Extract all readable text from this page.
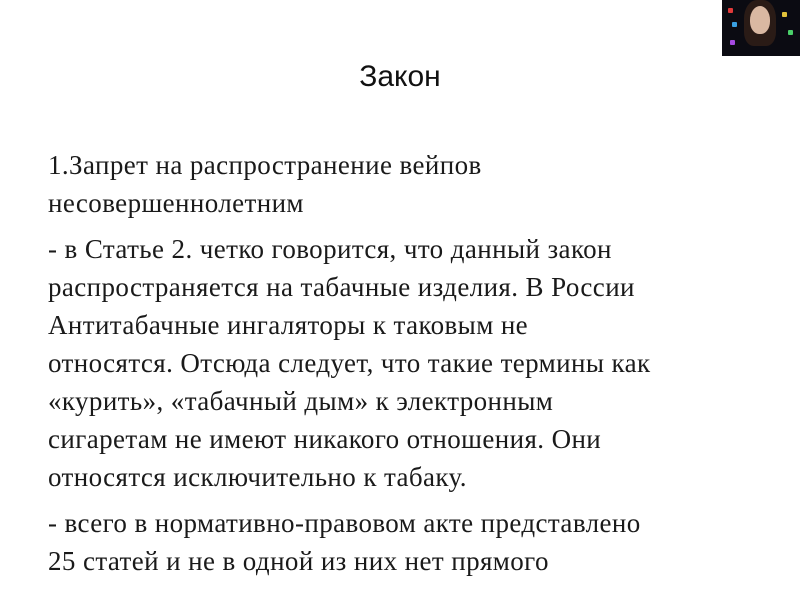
Закон

1.Запрет на распространение вейпов
несовершеннолетним

- в Статье 2. четко говорится, что данный закон
распространяется на табачные изделия. В России
Антитабачные ингаляторы к таковым не
относятся. Отсюда следует, что такие термины как
«курить», «табачный дым» к электронным
сигаретам не имеют никакого отношения. Они
относятся исключительно к табаку.

- всего в нормативно-правовом акте представлено
25 статей и не в одной из них нет прямого
